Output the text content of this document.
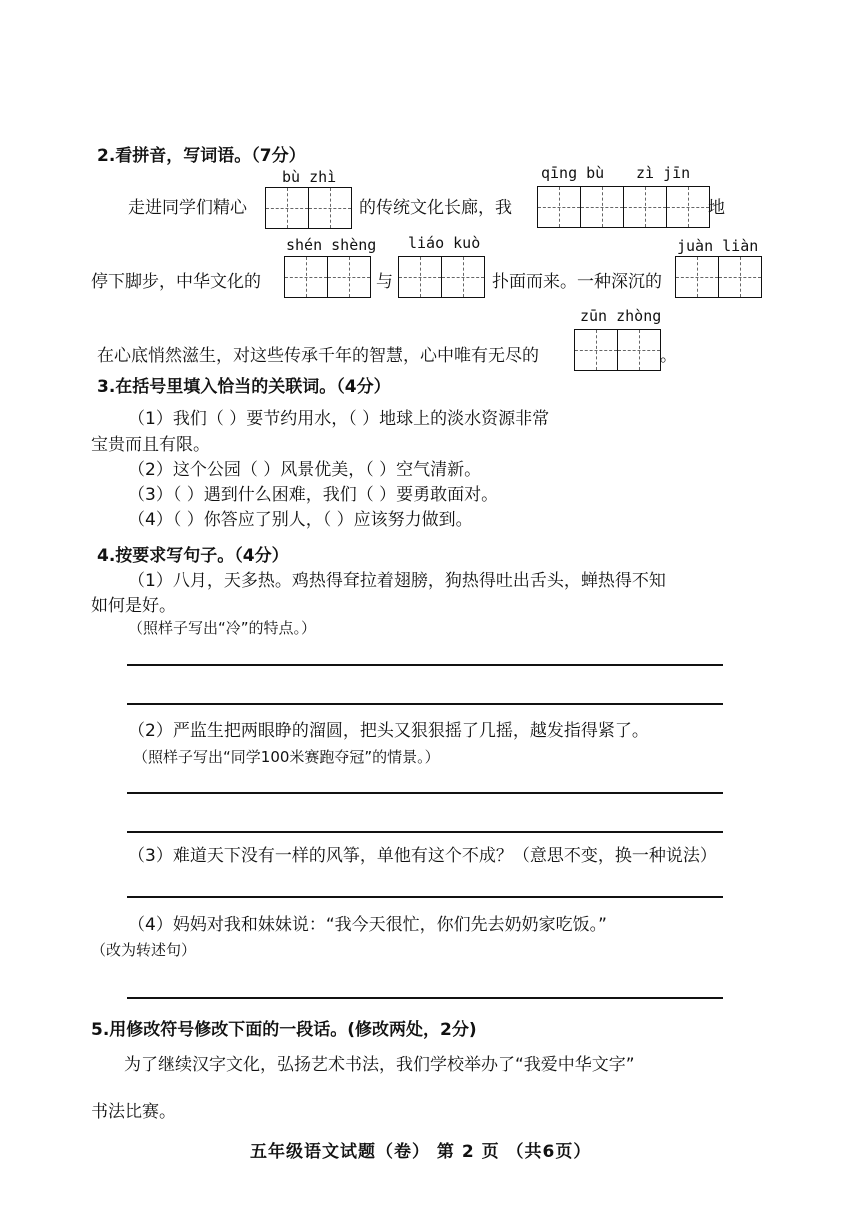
2.看拼音，写词语。（7分）
bù zhì	qīng bù zì jīn
走进同学们精心	的传统文化长廊，我	地
shén shèng liáo kuò	juàn liàn
停下脚步，中华文化的	与	扑面而来。一种深沉的
zūn zhòng
在心底悄然滋生，对这些传承千年的智慧，心中唯有无尽的	。
3.在括号里填入恰当的关联词。（4分）
（1）我们（ ）要节约用水，（ ）地球上的淡水资源非常
宝贵而且有限。
（2）这个公园（ ）风景优美，（ ）空气清新。
（3）（ ）遇到什么困难，我们（ ）要勇敢面对。
（4）（ ）你答应了别人，（ ）应该努力做到。
4.按要求写句子。（4分）
（1）八月，天多热。鸡热得耷拉着翅膀，狗热得吐出舌头，蝉热得不知
如何是好。
（照样子写出“冷”的特点。）
（2）严监生把两眼睁的溜圆，把头又狠狠摇了几摇，越发指得紧了。
（照样子写出“同学100米赛跑夺冠”的情景。）
（3）难道天下没有一样的风筝，单他有这个不成？（意思不变，换一种说法）
（4）妈妈对我和妹妹说：“我今天很忙，你们先去奶奶家吃饭。”
（改为转述句）
5.用修改符号修改下面的一段话。(修改两处，2分)
为了继续汉字文化，弘扬艺术书法，我们学校举办了“我爱中华文字”
书法比赛。
五年级语文试题（卷） 第 2 页 （共6页）
